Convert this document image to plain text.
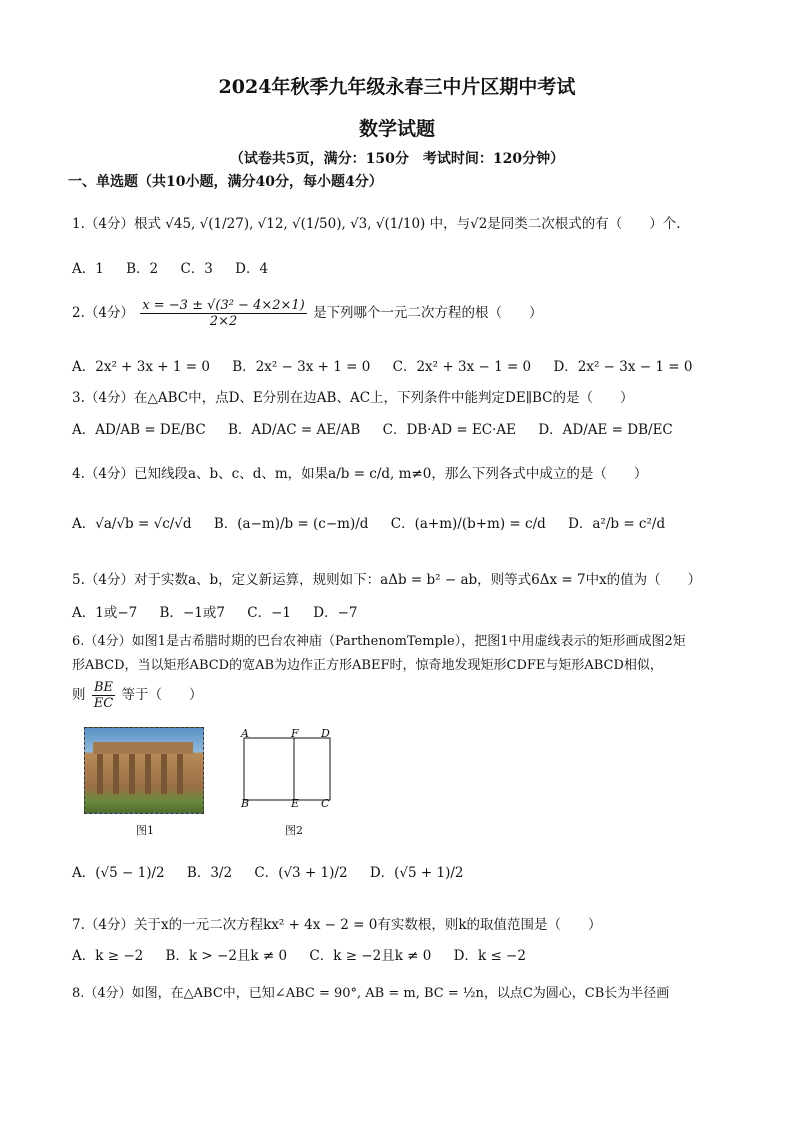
2024年秋季九年级永春三中片区期中考试
数学试题
（试卷共5页，满分：150分　考试时间：120分钟）
一、单选题（共10小题，满分40分，每小题4分）
1.（4分）根式 √45, √(1/27), √12, √(1/50), √3, √(1/10) 中，与√2是同类二次根式的有（　　）个.
A．1 B．2 C．3 D．4
2.（4分） $\frac{\text{x = −3 ± √(3² − 4×2×1)}}{2\times 2}$ 是下列哪个一元二次方程的根（　　）
A．2x² + 3x + 1 = 0 B．2x² − 3x + 1 = 0 C．2x² + 3x − 1 = 0 D．2x² − 3x − 1 = 0
3.（4分）在△ABC中，点D、E分别在边AB、AC上，下列条件中能判定DE∥BC的是（　　）
A．AD/AB = DE/BC B．AD/AC = AE/AB C．DB·AD = EC·AE D．AD/AE = DB/EC
4.（4分）已知线段a、b、c、d、m，如果a/b = c/d, m≠0，那么下列各式中成立的是（　　）
A．√a/√b = √c/√d B．(a−m)/b = (c−m)/d C．(a+m)/(b+m) = c/d D．a²/b = c²/d
5.（4分）对于实数a、b，定义新运算，规则如下：aΔb = b² − ab，则等式6Δx = 7中x的值为（　　）
A．1或−7 B．−1或7 C．−1 D．−7
6.（4分）如图1是古希腊时期的巴台农神庙（ParthenomTemple），把图1中用虚线表示的矩形画成图2矩
形ABCD，当以矩形ABCD的宽AB为边作正方形ABEF时，惊奇地发现矩形CDFE与矩形ABCD相似，
则 $\frac{BE}{EC}$ 等于（　　）
图1
A	F D
B	E C
图2
A．(√5 − 1)/2 B．3/2 C．(√3 + 1)/2 D．(√5 + 1)/2
7.（4分）关于x的一元二次方程kx² + 4x − 2 = 0有实数根，则k的取值范围是（　　）
A．k ≥ −2 B．k > −2且k ≠ 0 C．k ≥ −2且k ≠ 0 D．k ≤ −2
8.（4分）如图，在△ABC中，已知∠ABC = 90°, AB = m, BC = ½n，以点C为圆心，CB长为半径画
